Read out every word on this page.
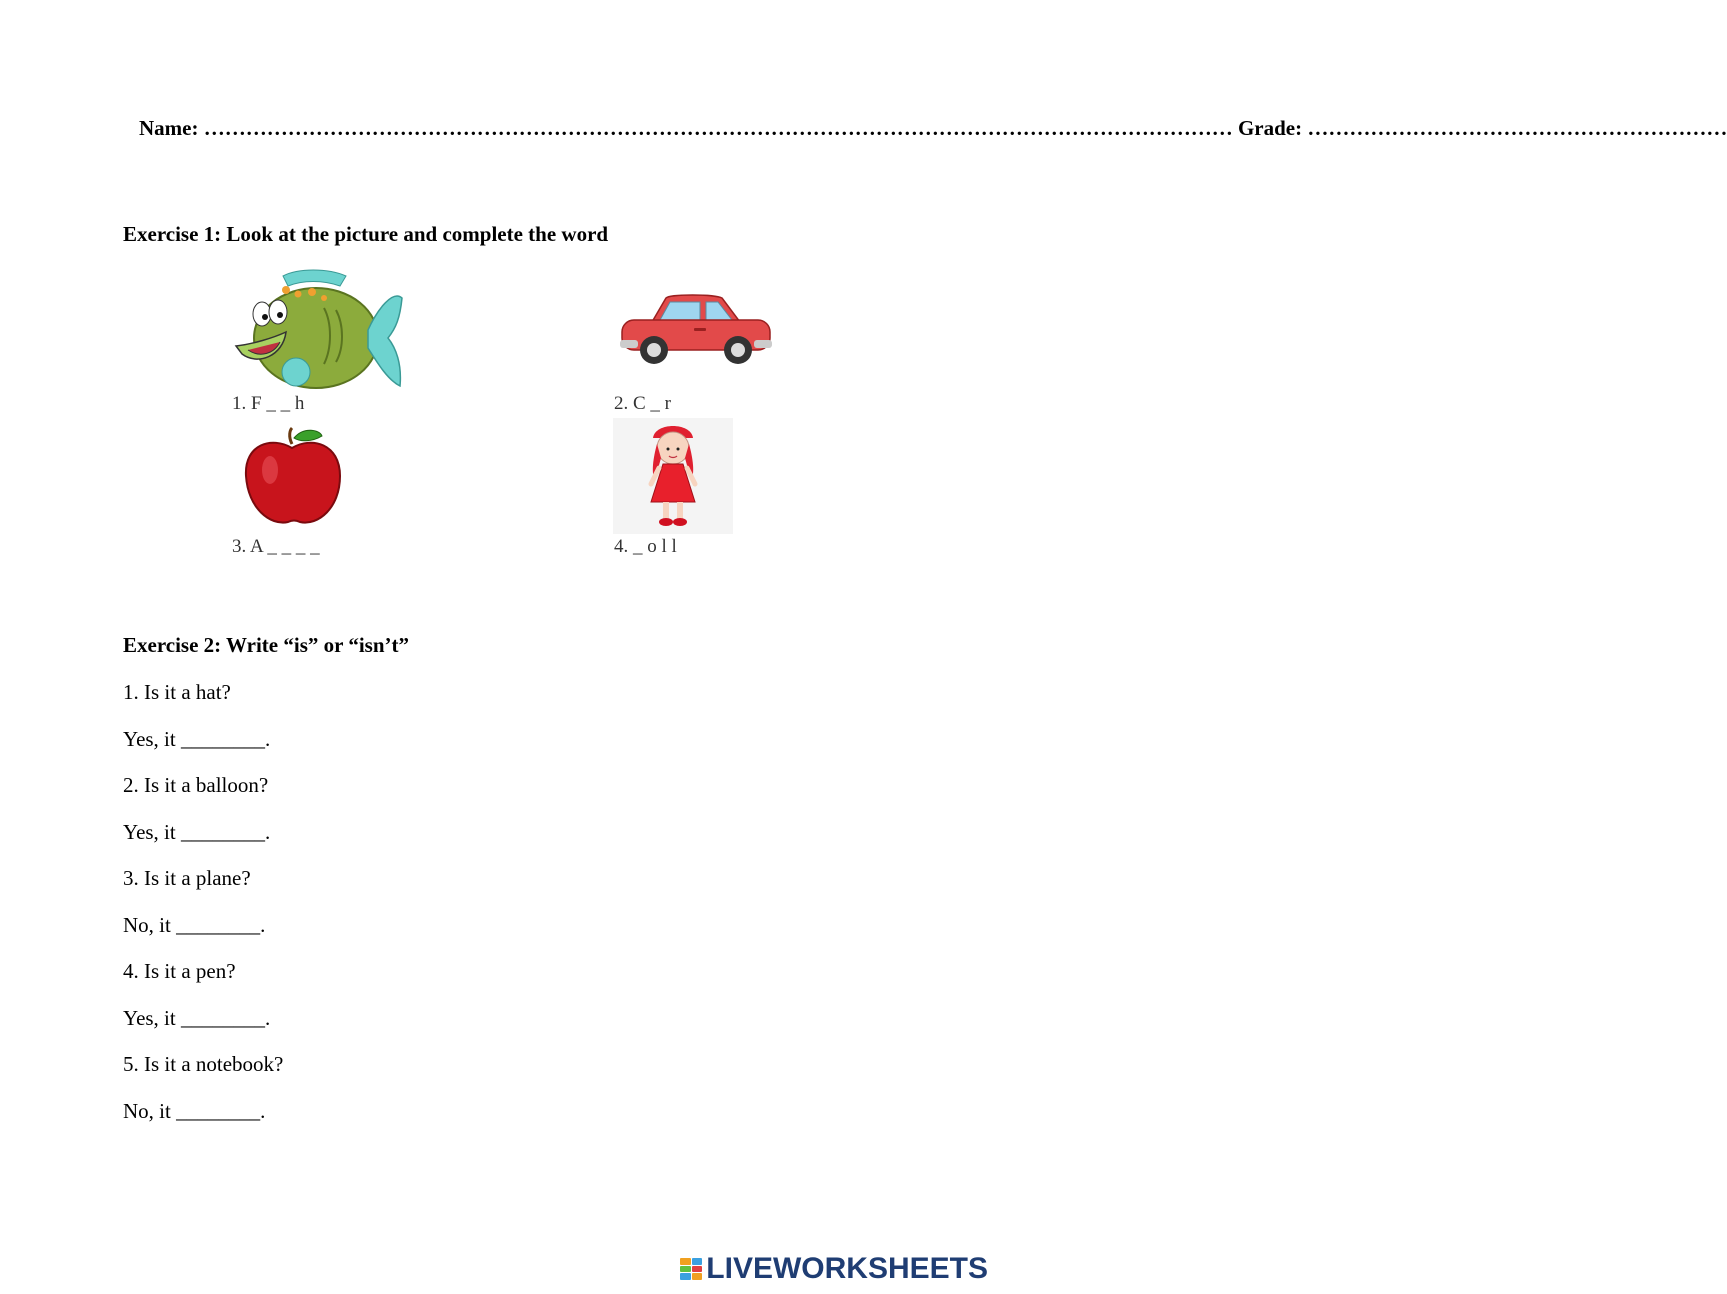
Name: ………………………………………………………………………………………………………………………………… Grade: ……………………………………………………
Exercise 1: Look at the picture and complete the word
1. F _ _ h	2. C _ r
3. A _ _ _ _	4. _ o l l
Exercise 2: Write “is” or “isn’t”
1. Is it a hat?
Yes, it ________.
2. Is it a balloon?
Yes, it ________.
3. Is it a plane?
No, it ________.
4. Is it a pen?
Yes, it ________.
5. Is it a notebook?
No, it ________.
LIVEWORKSHEETS
